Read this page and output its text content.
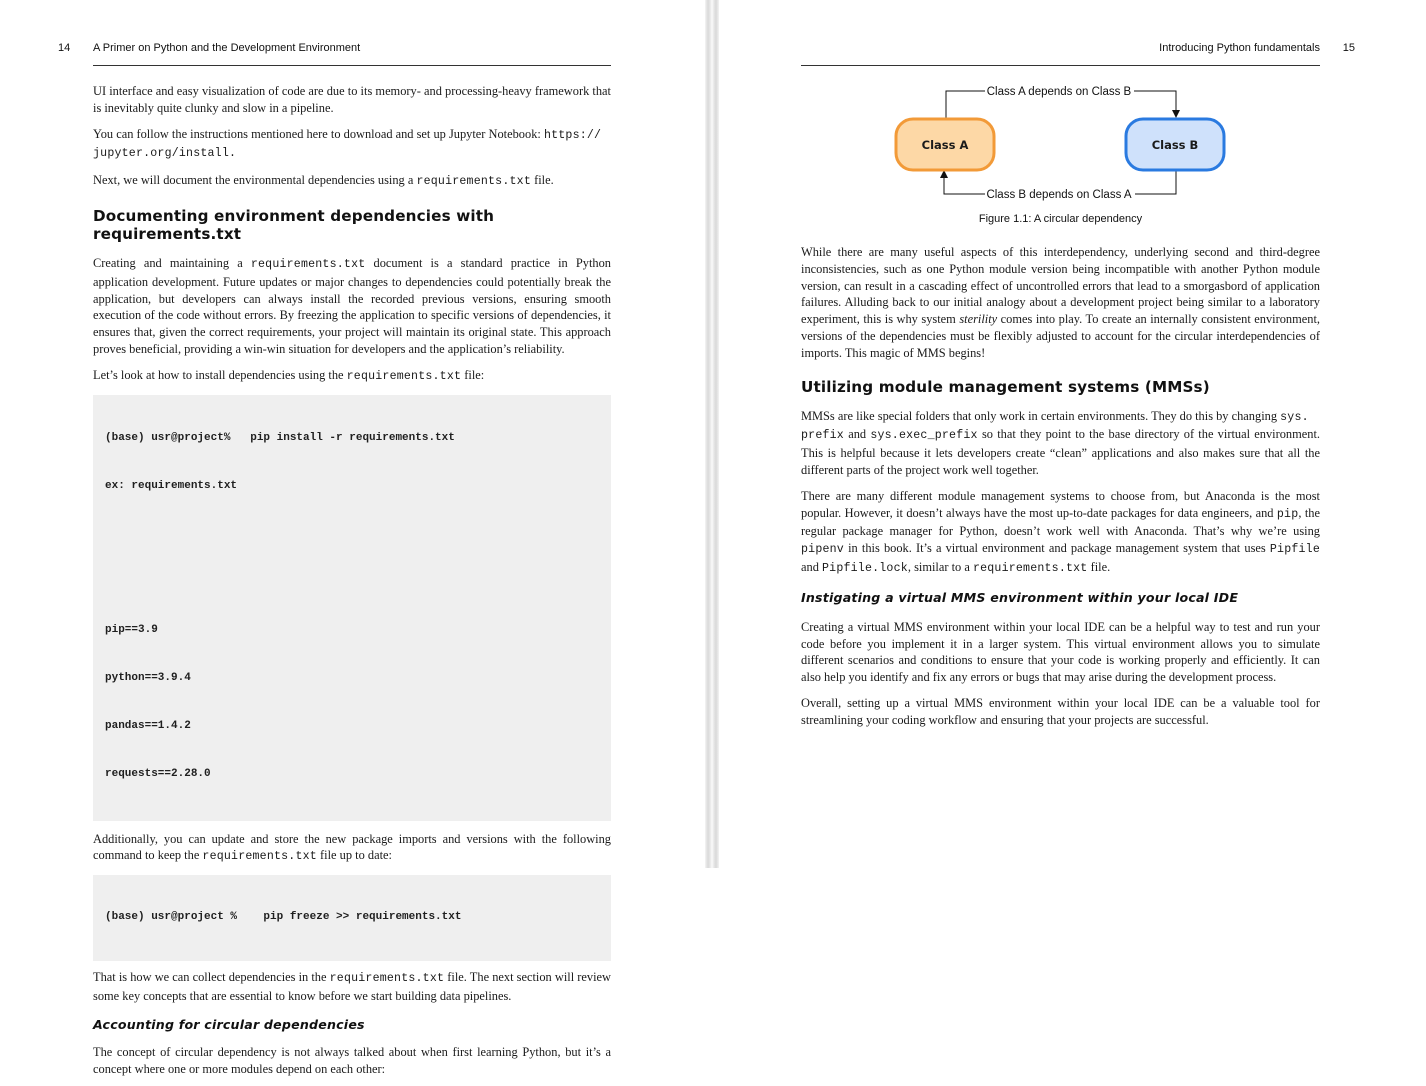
14 A Primer on Python and the Development Environment

UI interface and easy visualization of code are due to its memory- and processing-heavy framework that is inevitably quite clunky and slow in a pipeline.

You can follow the instructions mentioned here to download and set up Jupyter Notebook: https://
jupyter.org/install.

Next, we will document the environmental dependencies using a requirements.txt file.

Documenting environment dependencies with requirements.txt

Creating and maintaining a requirements.txt document is a standard practice in Python application development. Future updates or major changes to dependencies could potentially break the application, but developers can always install the recorded previous versions, ensuring smooth execution of the code without errors. By freezing the application to specific versions of dependencies, it ensures that, given the correct requirements, your project will maintain its original state. This approach proves beneficial, providing a win-win situation for developers and the application’s reliability.

Let’s look at how to install dependencies using the requirements.txt file:

(base) usr@project%   pip install -r requirements.txt

ex: requirements.txt

pip==3.9

python==3.9.4

pandas==1.4.2

requests==2.28.0

Additionally, you can update and store the new package imports and versions with the following command to keep the requirements.txt file up to date:

(base) usr@project %    pip freeze >> requirements.txt

That is how we can collect dependencies in the requirements.txt file. The next section will review some key concepts that are essential to know before we start building data pipelines.

Accounting for circular dependencies

The concept of circular dependency is not always talked about when first learning Python, but it’s a concept where one or more modules depend on each other:

Introducing Python fundamentals 15
Class A depends on Class B
Class B depends on Class A
Class A	Class B
Figure 1.1: A circular dependency

While there are many useful aspects of this interdependency, underlying second and third-degree inconsistencies, such as one Python module version being incompatible with another Python module version, can result in a cascading effect of uncontrolled errors that lead to a smorgasbord of application failures. Alluding back to our initial analogy about a development project being similar to a laboratory experiment, this is why system sterility comes into play. To create an internally consistent environment, versions of the dependencies must be flexibly adjusted to account for the circular interdependencies of imports. This magic of MMS begins!

Utilizing module management systems (MMSs)

MMSs are like special folders that only work in certain environments. They do this by changing sys.
prefix and sys.exec_prefix so that they point to the base directory of the virtual environment. This is helpful because it lets developers create “clean” applications and also makes sure that all the different parts of the project work well together.

There are many different module management systems to choose from, but Anaconda is the most popular. However, it doesn’t always have the most up-to-date packages for data engineers, and pip, the regular package manager for Python, doesn’t work well with Anaconda. That’s why we’re using pipenv in this book. It’s a virtual environment and package management system that uses Pipfile and Pipfile.lock, similar to a requirements.txt file.

Instigating a virtual MMS environment within your local IDE

Creating a virtual MMS environment within your local IDE can be a helpful way to test and run your code before you implement it in a larger system. This virtual environment allows you to simulate different scenarios and conditions to ensure that your code is working properly and efficiently. It can also help you identify and fix any errors or bugs that may arise during the development process.

Overall, setting up a virtual MMS environment within your local IDE can be a valuable tool for streamlining your coding workflow and ensuring that your projects are successful.
